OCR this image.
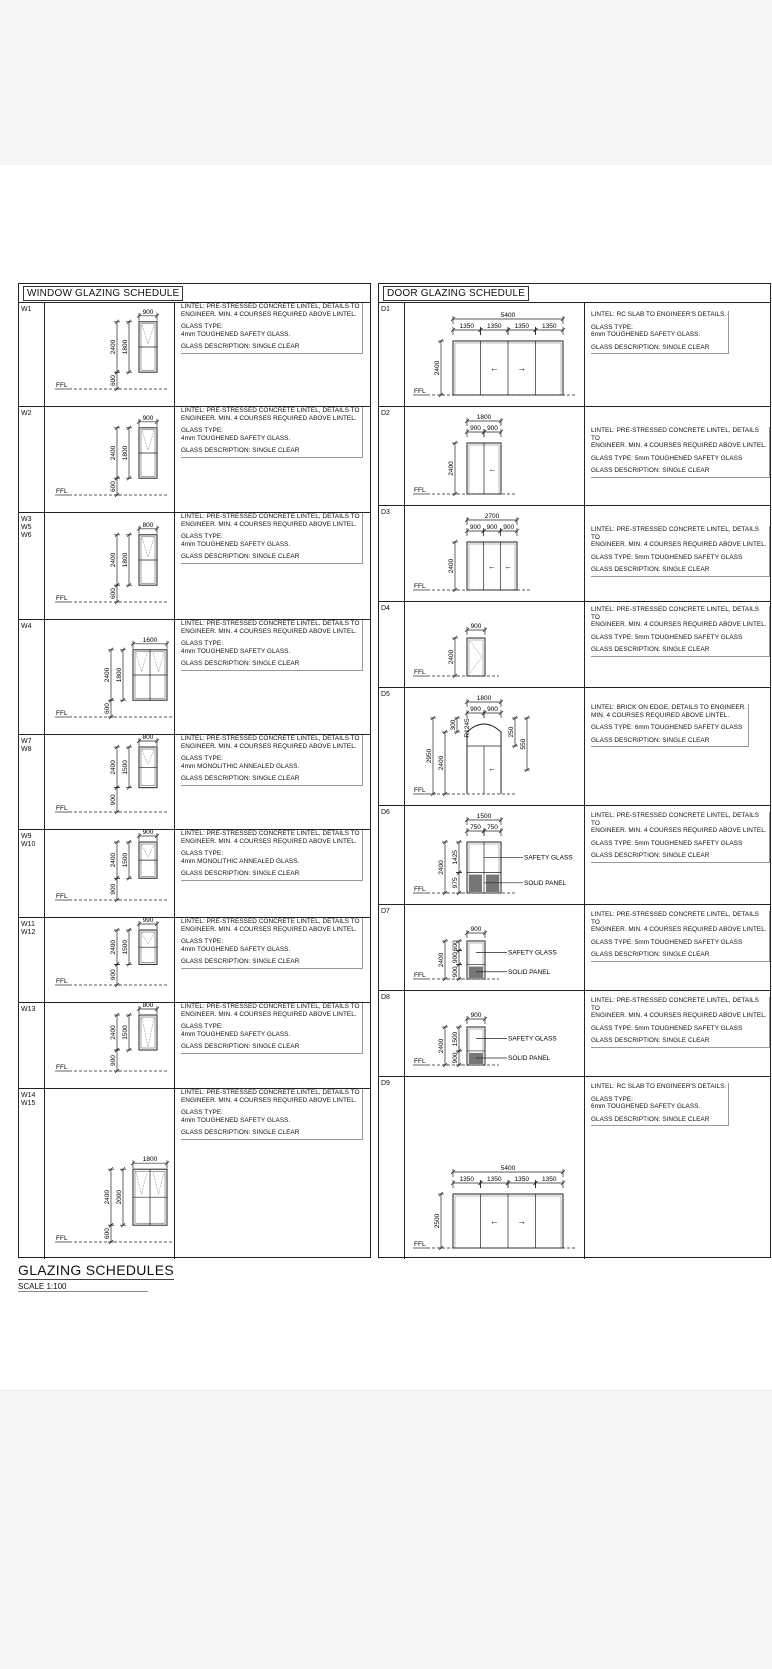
WINDOW GLAZING SCHEDULE
W1	900
1800
2400
600
FFL
LINTEL: PRE-STRESSED CONCRETE LINTEL, DETAILS TO
ENGINEER. MIN. 4 COURSES REQUIRED ABOVE LINTEL.
GLASS TYPE:
4mm TOUGHENED SAFETY GLASS.
GLASS DESCRIPTION: SINGLE CLEAR
W2
900
1800
2400
600
FFL
LINTEL: PRE-STRESSED CONCRETE LINTEL, DETAILS TO
ENGINEER. MIN. 4 COURSES REQUIRED ABOVE LINTEL.
GLASS TYPE:
4mm TOUGHENED SAFETY GLASS.
GLASS DESCRIPTION: SINGLE CLEAR
W3
W5
W6
800
1800
2400
600
FFL
LINTEL: PRE-STRESSED CONCRETE LINTEL, DETAILS TO
ENGINEER. MIN. 4 COURSES REQUIRED ABOVE LINTEL.
GLASS TYPE:
4mm TOUGHENED SAFETY GLASS.
GLASS DESCRIPTION: SINGLE CLEAR
W4
1600
1800
2400
600
FFL
LINTEL: PRE-STRESSED CONCRETE LINTEL, DETAILS TO
ENGINEER. MIN. 4 COURSES REQUIRED ABOVE LINTEL.
GLASS TYPE:
4mm TOUGHENED SAFETY GLASS.
GLASS DESCRIPTION: SINGLE CLEAR
W7
W8
800
1500
2400
900
FFL
LINTEL: PRE-STRESSED CONCRETE LINTEL, DETAILS TO
ENGINEER. MIN. 4 COURSES REQUIRED ABOVE LINTEL.
GLASS TYPE:
4mm MONOLITHIC ANNEALED GLASS.
GLASS DESCRIPTION: SINGLE CLEAR
W9
W10
900
1500
2400
900
FFL
LINTEL: PRE-STRESSED CONCRETE LINTEL, DETAILS TO
ENGINEER. MIN. 4 COURSES REQUIRED ABOVE LINTEL.
GLASS TYPE:
4mm MONOLITHIC ANNEALED GLASS.
GLASS DESCRIPTION: SINGLE CLEAR
W11
W12
990
1500
2400
900
FFL
LINTEL: PRE-STRESSED CONCRETE LINTEL, DETAILS TO
ENGINEER. MIN. 4 COURSES REQUIRED ABOVE LINTEL.
GLASS TYPE:
4mm TOUGHENED SAFETY GLASS.
GLASS DESCRIPTION: SINGLE CLEAR
W13
800
1500
2400
900
FFL
LINTEL: PRE-STRESSED CONCRETE LINTEL, DETAILS TO
ENGINEER. MIN. 4 COURSES REQUIRED ABOVE LINTEL.
GLASS TYPE:
4mm TOUGHENED SAFETY GLASS.
GLASS DESCRIPTION: SINGLE CLEAR
W14
W15
1800
2000
2400
600
FFL
LINTEL: PRE-STRESSED CONCRETE LINTEL, DETAILS TO
ENGINEER. MIN. 4 COURSES REQUIRED ABOVE LINTEL.
GLASS TYPE:
4mm TOUGHENED SAFETY GLASS.
GLASS DESCRIPTION: SINGLE CLEAR
DOOR GLAZING SCHEDULE
D1
5400
1350 1350 1350 1350
← →
2400
FFL
LINTEL: RC SLAB TO ENGINEER'S DETAILS.
GLASS TYPE:
6mm TOUGHENED SAFETY GLASS.
GLASS DESCRIPTION: SINGLE CLEAR
D2
1800
900 900
←
2400
FFL
LINTEL: PRE-STRESSED CONCRETE LINTEL, DETAILS TO
ENGINEER. MIN. 4 COURSES REQUIRED ABOVE LINTEL.
GLASS TYPE: 5mm TOUGHENED SAFETY GLASS
GLASS DESCRIPTION: SINGLE CLEAR
D3
2700
900 900 900
← ←
2400
FFL
LINTEL: PRE-STRESSED CONCRETE LINTEL, DETAILS TO
ENGINEER. MIN. 4 COURSES REQUIRED ABOVE LINTEL.
GLASS TYPE: 5mm TOUGHENED SAFETY GLASS
GLASS DESCRIPTION: SINGLE CLEAR
D4
900
2400
FFL
LINTEL: PRE-STRESSED CONCRETE LINTEL, DETAILS TO
ENGINEER. MIN. 4 COURSES REQUIRED ABOVE LINTEL.
GLASS TYPE: 5mm TOUGHENED SAFETY GLASS
GLASS DESCRIPTION: SINGLE CLEAR
D5
1800
900 900
R1245	250
550
300
2400
2950
←
FFL
LINTEL: BRICK ON EDGE, DETAILS TO ENGINEER.
MIN. 4 COURSES REQUIRED ABOVE LINTEL.
GLASS TYPE: 6mm TOUGHENED SAFETY GLASS
GLASS DESCRIPTION: SINGLE CLEAR
D6
1500
750 750
SAFETY GLASS
SOLID PANEL
1425
975
2400
FFL
LINTEL: PRE-STRESSED CONCRETE LINTEL, DETAILS TO
ENGINEER. MIN. 4 COURSES REQUIRED ABOVE LINTEL.
GLASS TYPE: 5mm TOUGHENED SAFETY GLASS
GLASS DESCRIPTION: SINGLE CLEAR
D7
900
SAFETY GLASS
SOLID PANEL
600
900
900
2400
FFL
LINTEL: PRE-STRESSED CONCRETE LINTEL, DETAILS TO
ENGINEER. MIN. 4 COURSES REQUIRED ABOVE LINTEL.
GLASS TYPE: 5mm TOUGHENED SAFETY GLASS
GLASS DESCRIPTION: SINGLE CLEAR
D8
900
SAFETY GLASS
SOLID PANEL
1500
900
2400
FFL
LINTEL: PRE-STRESSED CONCRETE LINTEL, DETAILS TO
ENGINEER. MIN. 4 COURSES REQUIRED ABOVE LINTEL.
GLASS TYPE: 5mm TOUGHENED SAFETY GLASS
GLASS DESCRIPTION: SINGLE CLEAR
D9
5400
1350 1350 1350 1350
← →
2500
FFL
LINTEL: RC SLAB TO ENGINEER'S DETAILS.
GLASS TYPE:
6mm TOUGHENED SAFETY GLASS.
GLASS DESCRIPTION: SINGLE CLEAR
GLAZING SCHEDULES
SCALE 1:100
